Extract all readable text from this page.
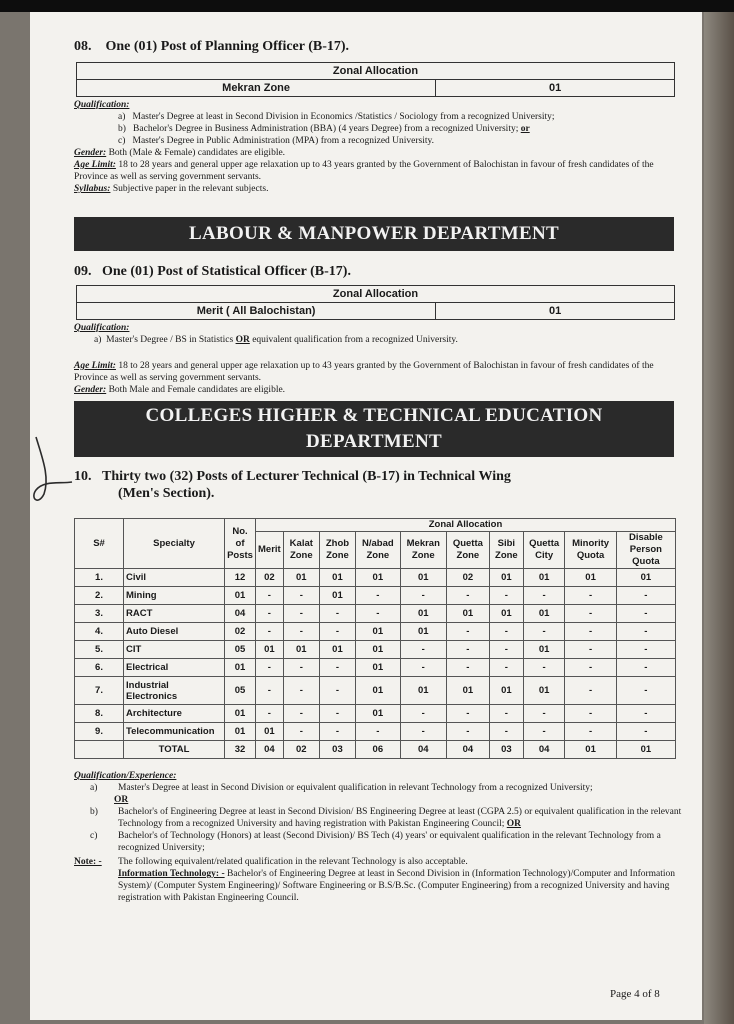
08. One (01) Post of Planning Officer (B-17).
Zonal Allocation
Mekran Zone	01
Qualification:
a) Master's Degree at least in Second Division in Economics /Statistics / Sociology from a recognized University;
b) Bachelor's Degree in Business Administration (BBA) (4 years Degree) from a recognized University; or
c) Master's Degree in Public Administration (MPA) from a recognized University.
Gender: Both (Male & Female) candidates are eligible.
Age Limit: 18 to 28 years and general upper age relaxation up to 43 years granted by the Government of Balochistan in favour of fresh candidates of the Province as well as serving government servants.
Syllabus: Subjective paper in the relevant subjects.
LABOUR & MANPOWER DEPARTMENT
09. One (01) Post of Statistical Officer (B-17).
Zonal Allocation
Merit ( All Balochistan)	01
Qualification:
a) Master's Degree / BS in Statistics OR equivalent qualification from a recognized University.
Age Limit: 18 to 28 years and general upper age relaxation up to 43 years granted by the Government of Balochistan in favour of fresh candidates of the Province as well as serving government servants.
Gender: Both Male and Female candidates are eligible.
COLLEGES HIGHER & TECHNICAL EDUCATION
DEPARTMENT
10. Thirty two (32) Posts of Lecturer Technical (B-17) in Technical Wing
(Men's Section).
S#	Specialty	No. of Posts	Zonal Allocation									
			Merit	Kalat Zone	Zhob Zone	N/abad Zone	Mekran Zone	Quetta Zone	Sibi Zone	Quetta City	Minority Quota	Disable Person Quota
1.	Civil	12	02	01	01	01	01	02	01	01	01	01
2.	Mining	01	-	-	01	-	-	-	-	-	-	-
3.	RACT	04	-	-	-	-	01	01	01	01	-	-
4.	Auto Diesel	02	-	-	-	01	01	-	-	-	-	-
5.	CIT	05	01	01	01	01	-	-	-	01	-	-
6.	Electrical	01	-	-	-	01	-	-	-	-	-	-
7.	Industrial Electronics	05	-	-	-	01	01	01	01	01	-	-
8.	Architecture	01	-	-	-	01	-	-	-	-	-	-
9.	Telecommunication	01	01	-	-	-	-	-	-	-	-	-
	TOTAL	32	04	02	03	06	04	04	03	04	01	01
Qualification/Experience:
a)	Master's Degree at least in Second Division or equivalent qualification in relevant Technology from a recognized University;
OR
b)	Bachelor's of Engineering Degree at least in Second Division/ BS Engineering Degree at least (CGPA 2.5) or equivalent qualification in the relevant Technology from a recognized University and having registration with Pakistan Engineering Council; OR
c)	Bachelor's of Technology (Honors) at least (Second Division)/ BS Tech (4) years' or equivalent qualification in the relevant Technology from a recognized University;
Note: -	The following equivalent/related qualification in the relevant Technology is also acceptable.
Information Technology: - Bachelor's of Engineering Degree at least in Second Division in (Information Technology)/Computer and Information System)/ (Computer System Engineering)/ Software Engineering or B.S/B.Sc. (Computer Engineering) from a recognized University and having registration with Pakistan Engineering Council.
Page 4 of 8
